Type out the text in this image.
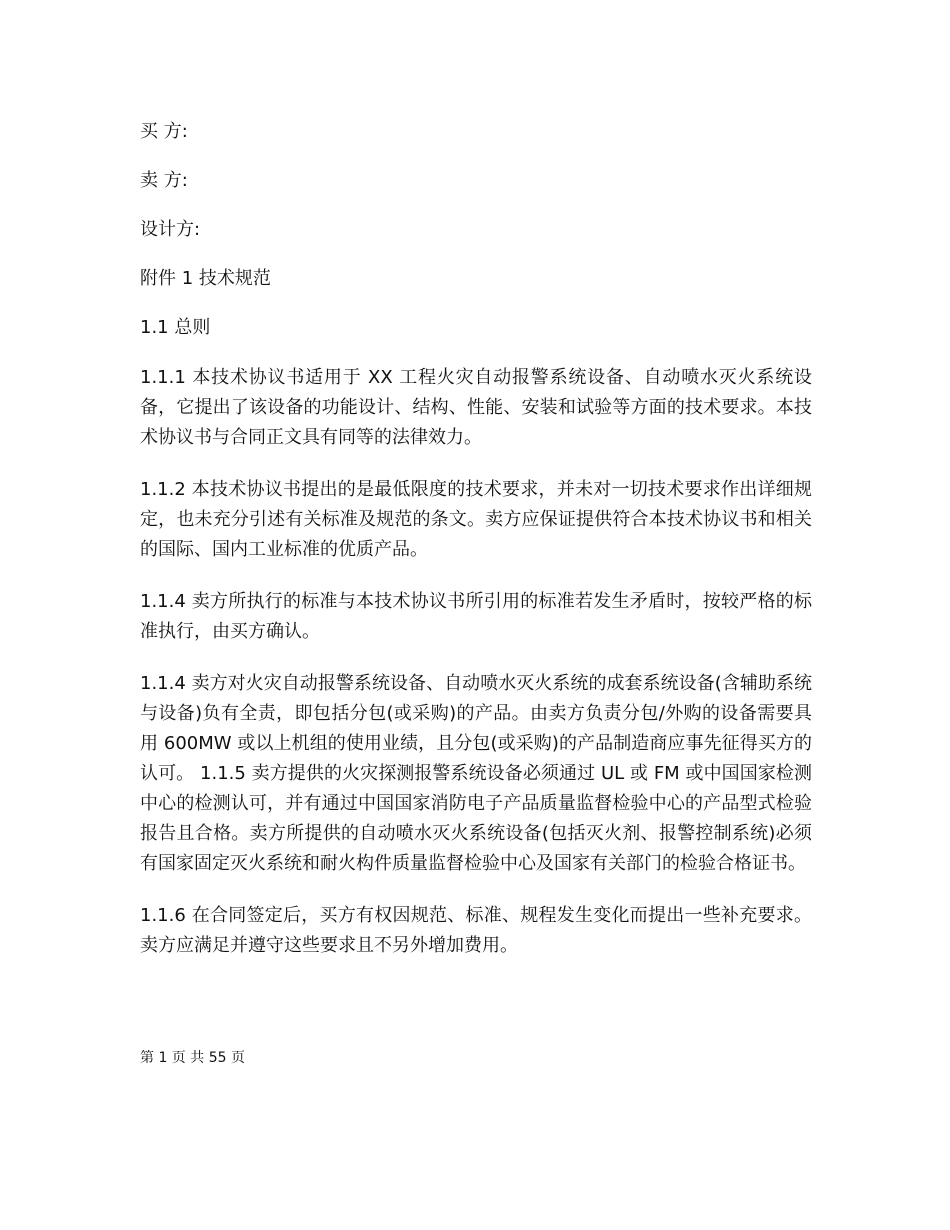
买 方:
卖 方:
设计方:
附件 1 技术规范
1.1 总则
1.1.1 本技术协议书适用于 XX 工程火灾自动报警系统设备、自动喷水灭火系统设备，它提出了该设备的功能设计、结构、性能、安装和试验等方面的技术要求。本技术协议书与合同正文具有同等的法律效力。
1.1.2 本技术协议书提出的是最低限度的技术要求，并未对一切技术要求作出详细规定，也未充分引述有关标准及规范的条文。卖方应保证提供符合本技术协议书和相关的国际、国内工业标准的优质产品。
1.1.4 卖方所执行的标准与本技术协议书所引用的标准若发生矛盾时，按较严格的标准执行，由买方确认。
1.1.4 卖方对火灾自动报警系统设备、自动喷水灭火系统的成套系统设备(含辅助系统与设备)负有全责，即包括分包(或采购)的产品。由卖方负责分包/外购的设备需要具用 600MW 或以上机组的使用业绩，且分包(或采购)的产品制造商应事先征得买方的认可。 1.1.5 卖方提供的火灾探测报警系统设备必须通过 UL 或 FM 或中国国家检测中心的检测认可，并有通过中国国家消防电子产品质量监督检验中心的产品型式检验报告且合格。卖方所提供的自动喷水灭火系统设备(包括灭火剂、报警控制系统)必须有国家固定灭火系统和耐火构件质量监督检验中心及国家有关部门的检验合格证书。
1.1.6 在合同签定后，买方有权因规范、标准、规程发生变化而提出一些补充要求。卖方应满足并遵守这些要求且不另外增加费用。
第 1 页 共 55 页
